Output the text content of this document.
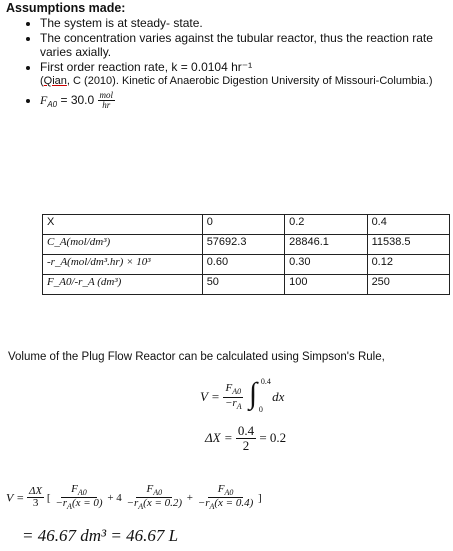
Assumptions made:
• The system is at steady- state.
• The concentration varies against the tubular reactor, thus the reaction rate varies axially.
• First order reaction rate, k = 0.0104 hr⁻¹
(Qian, C (2010). Kinetic of Anaerobic Digestion University of Missouri-Columbia.)
• $F_{A0} = 30.0 \frac{\text{mol}}{hr}$
X	0	0.2	0.4
C_A(mol/dm³)	57692.3	28846.1	11538.5
-r_A(mol/dm³.hr) × 10³	0.60	0.30	0.12
F_A0/-r_A (dm³)	50	100	250
Volume of the Plug Flow Reactor can be calculated using Simpson's Rule,
$V = \frac{F_{A0}}{-r_A}$
∫ 0.4
0
dx
$\Delta X = \frac{0.4}{2} = 0.2$
$V = \frac{\Delta X}{3}$ [ $\frac{F_{A0}}{-r_A(x = 0)} + 4 \frac{F_{A0}}{-r_A(x = 0.2)} + \frac{F_{A0}}{-r_A(x = 0.4)}$ ]
= 46.67 dm³ = 46.67 L
